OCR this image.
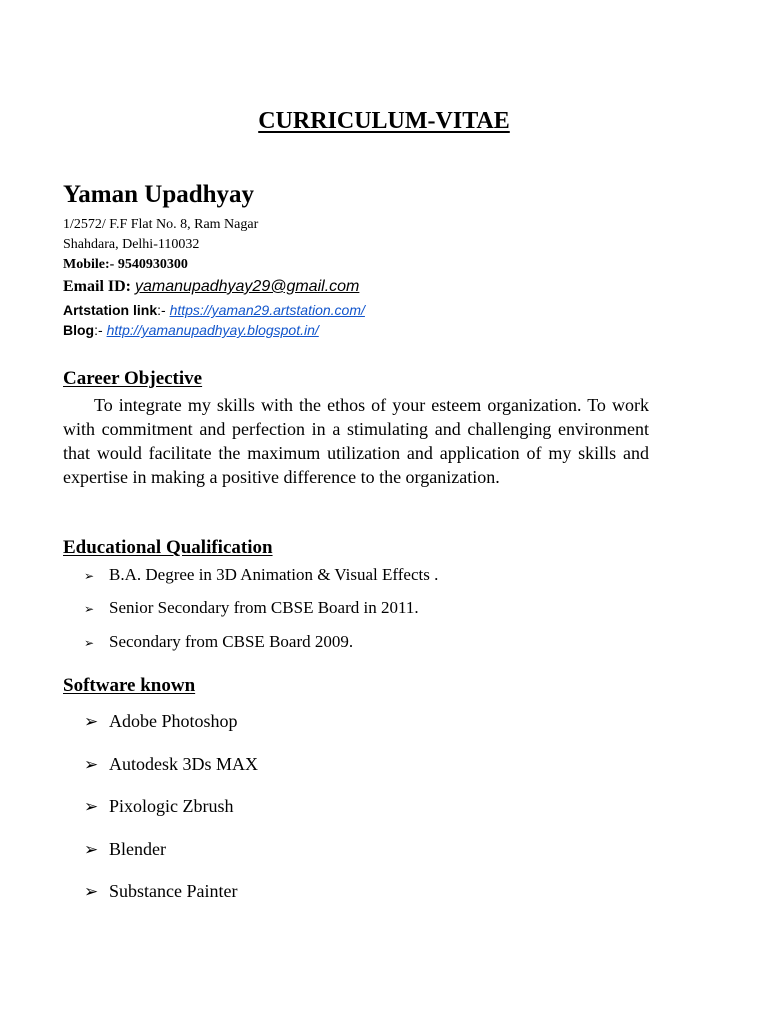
CURRICULUM-VITAE
Yaman Upadhyay
1/2572/ F.F Flat No. 8, Ram Nagar
Shahdara, Delhi-110032
Mobile:- 9540930300
Email ID: yamanupadhyay29@gmail.com
Artstation link:- https://yaman29.artstation.com/
Blog:- http://yamanupadhyay.blogspot.in/
Career Objective
To integrate my skills with the ethos of your esteem organization. To work with commitment and perfection in a stimulating and challenging environment that would facilitate the maximum utilization and application of my skills and expertise in making a positive difference to the organization.
Educational Qualification
➢ B.A. Degree in 3D Animation & Visual Effects .
➢ Senior Secondary from CBSE Board in 2011.
➢ Secondary from CBSE Board 2009.
Software known
➢ Adobe Photoshop
➢ Autodesk 3Ds MAX
➢ Pixologic Zbrush
➢ Blender
➢ Substance Painter
